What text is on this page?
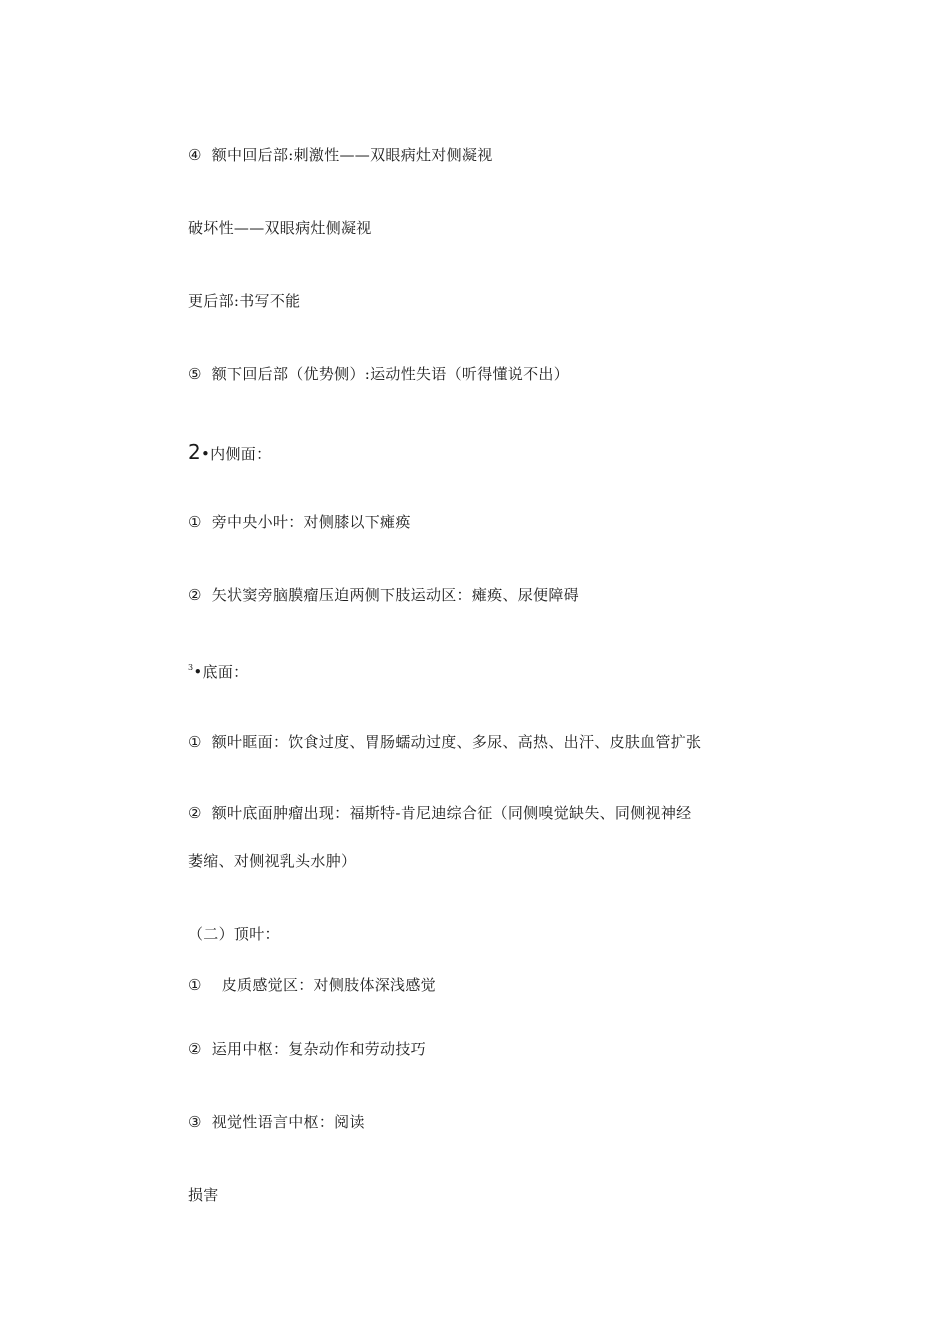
④ 额中回后部:刺激性——双眼病灶对侧凝视
破坏性——双眼病灶侧凝视
更后部:书写不能
⑤ 额下回后部（优势侧）:运动性失语（听得懂说不出）
2•内侧面：
① 旁中央小叶：对侧膝以下瘫痪
② 矢状窦旁脑膜瘤压迫两侧下肢运动区：瘫痪、尿便障碍
$^3$•底面：
① 额叶眶面：饮食过度、胃肠蠕动过度、多尿、高热、出汗、皮肤血管扩张
② 额叶底面肿瘤出现：福斯特-肯尼迪综合征（同侧嗅觉缺失、同侧视神经
萎缩、对侧视乳头水肿）
（二）顶叶：
① 皮质感觉区：对侧肢体深浅感觉
② 运用中枢：复杂动作和劳动技巧
③ 视觉性语言中枢：阅读
损害
